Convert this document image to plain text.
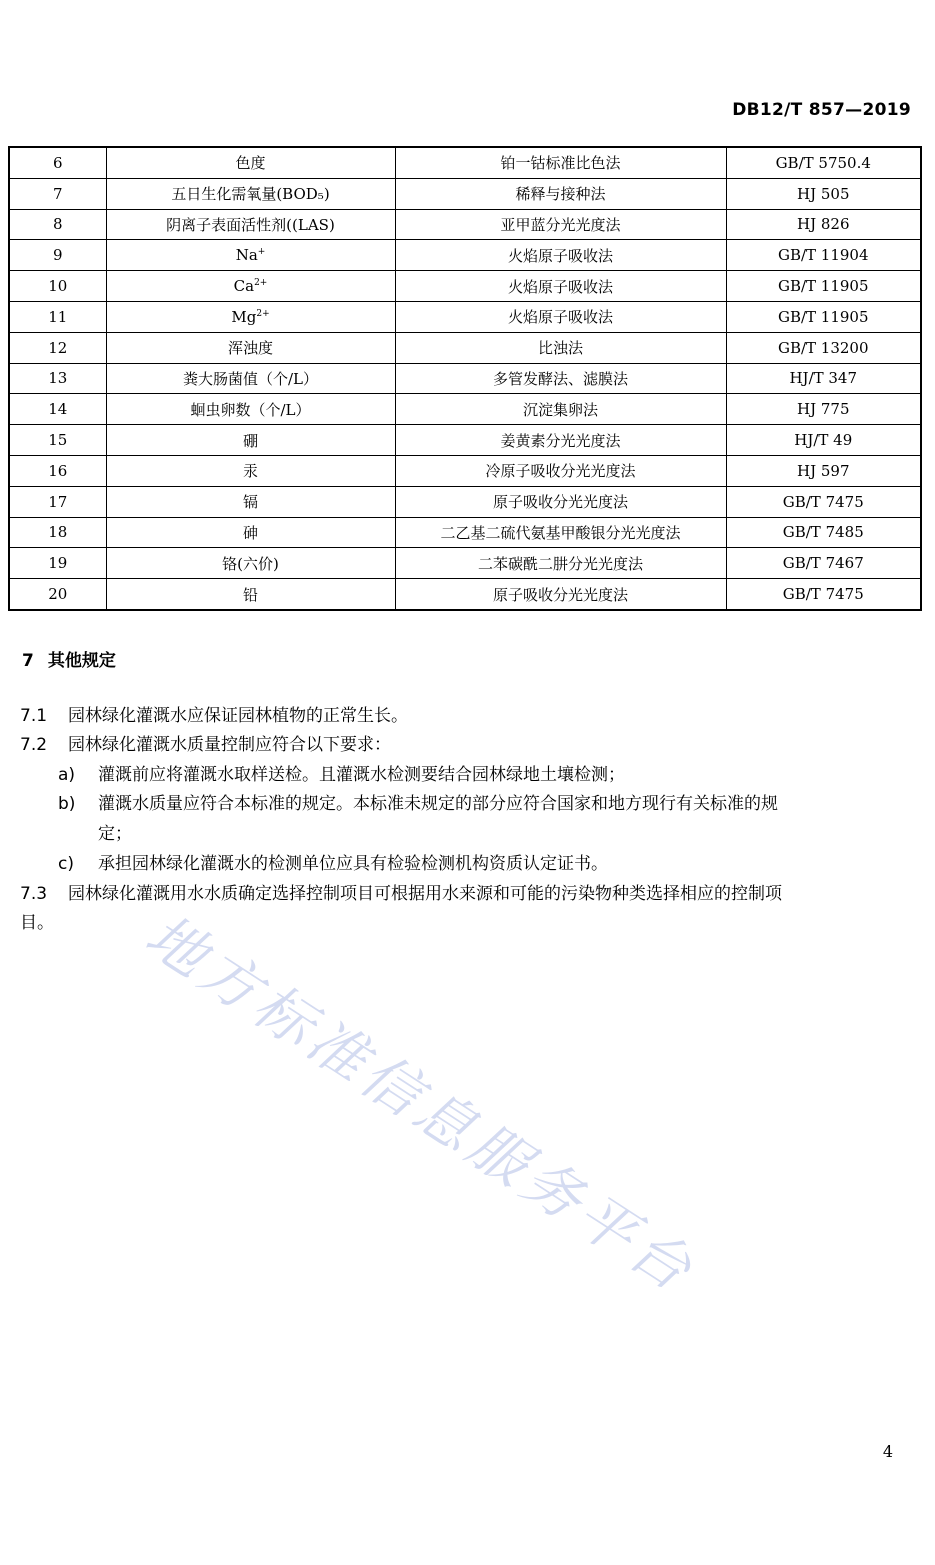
DB12/T 857—2019
6	色度	铂一钴标准比色法	GB/T 5750.4
7	五日生化需氧量(BOD₅)	稀释与接种法	HJ 505
8	阴离子表面活性剂((LAS)	亚甲蓝分光光度法	HJ 826
9	Na+	火焰原子吸收法	GB/T 11904
10	$Ca^{2+}$	火焰原子吸收法	GB/T 11905
11	$Mg^{2+}$	火焰原子吸收法	GB/T 11905
12	浑浊度	比浊法	GB/T 13200
13	粪大肠菌值（个/L）	多管发酵法、滤膜法	HJ/T 347
14	蛔虫卵数（个/L）	沉淀集卵法	HJ 775
15	硼	姜黄素分光光度法	HJ/T 49
16	汞	冷原子吸收分光光度法	HJ 597
17	镉	原子吸收分光光度法	GB/T 7475
18	砷	二乙基二硫代氨基甲酸银分光光度法	GB/T 7485
19	铬(六价)	二苯碳酰二肼分光光度法	GB/T 7467
20	铅	原子吸收分光光度法	GB/T 7475
7 其他规定
7.1 园林绿化灌溉水应保证园林植物的正常生长。
7.2 园林绿化灌溉水质量控制应符合以下要求：
a) 灌溉前应将灌溉水取样送检。且灌溉水检测要结合园林绿地土壤检测；
b) 灌溉水质量应符合本标准的规定。本标准未规定的部分应符合国家和地方现行有关标准的规
定；
c) 承担园林绿化灌溉水的检测单位应具有检验检测机构资质认定证书。
7.3 园林绿化灌溉用水水质确定选择控制项目可根据用水来源和可能的污染物种类选择相应的控制项
目。	地方标准信息服务平台
4
